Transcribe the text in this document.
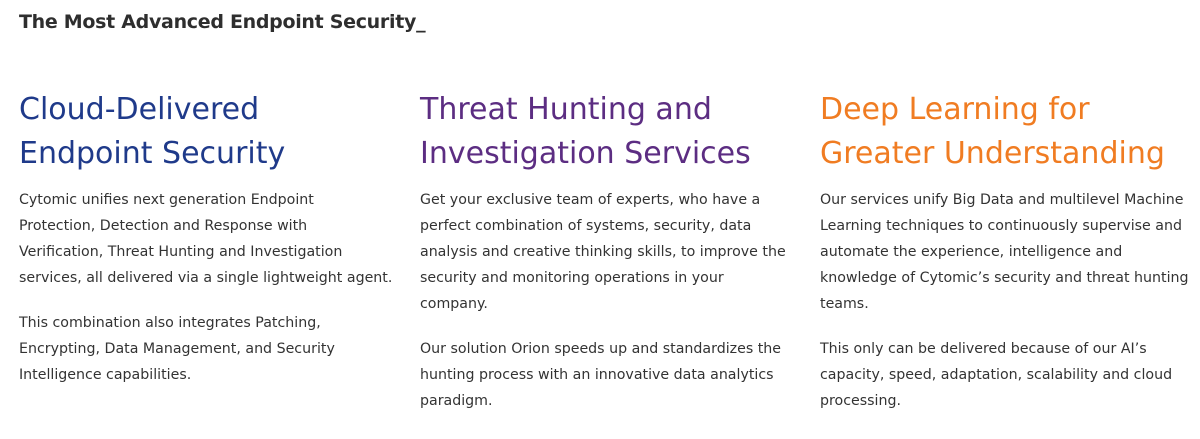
The Most Advanced Endpoint Security_
Cloud-Delivered
Endpoint Security

Cytomic unifies next generation Endpoint Protection, Detection and Response with Verification, Threat Hunting and Investigation services, all delivered via a single lightweight agent.

This combination also integrates Patching, Encrypting, Data Management, and Security Intelligence capabilities.

Threat Hunting and
Investigation Services

Get your exclusive team of experts, who have a perfect combination of systems, security, data analysis and creative thinking skills, to improve the security and monitoring operations in your company.

Our solution Orion speeds up and standardizes the hunting process with an innovative data analytics paradigm.

Deep Learning for
Greater Understanding

Our services unify Big Data and multilevel Machine Learning techniques to continuously supervise and automate the experience, intelligence and knowledge of Cytomic’s security and threat hunting teams.

This only can be delivered because of our AI’s capacity, speed, adaptation, scalability and cloud processing.
